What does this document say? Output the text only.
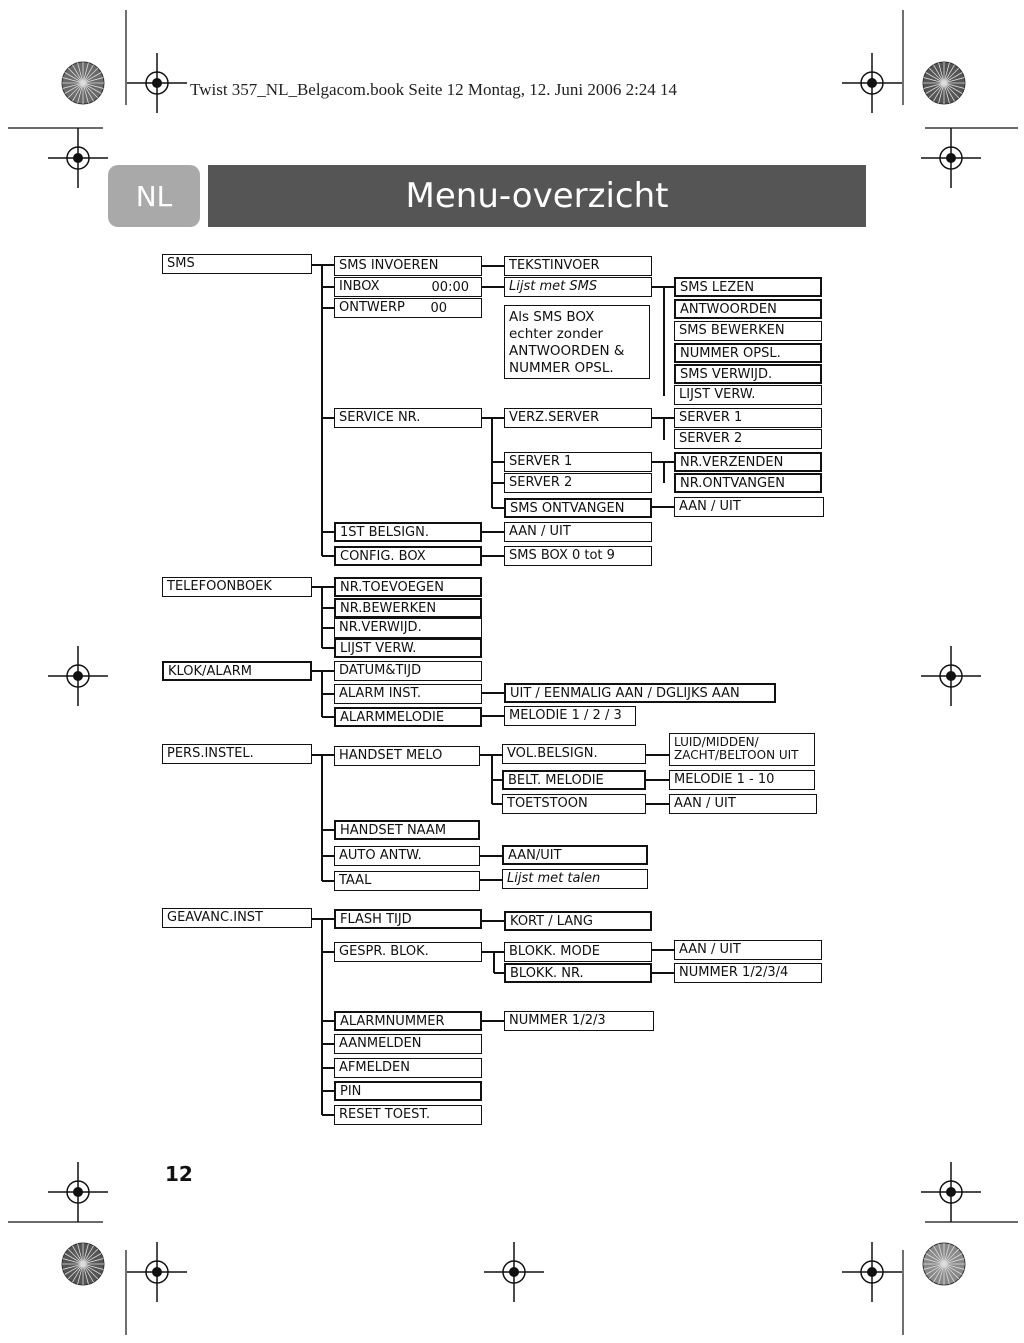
Twist 357_NL_Belgacom.book Seite 12 Montag, 12. Juni 2006 2:24 14
NL	Menu-overzicht
SMS	SMS INVOEREN	TEKSTINVOER
INBOX	00:00	Lijst met SMS
ONTWERP 00
Als SMS BOX
echter zonder
ANTWOORDEN &
NUMMER OPSL.
SMS LEZEN
ANTWOORDEN
SMS BEWERKEN
NUMMER OPSL.
SMS VERWIJD.
LIJST VERW.
SERVICE NR.	VERZ.SERVER	SERVER 1
SERVER 2
SERVER 1
SERVER 2
NR.VERZENDEN
NR.ONTVANGEN
SMS ONTVANGEN	AAN / UIT
1ST BELSIGN.	AAN / UIT
CONFIG. BOX	SMS BOX 0 tot 9
TELEFOONBOEK	NR.TOEVOEGEN
NR.BEWERKEN
NR.VERWIJD.
LIJST VERW.
KLOK/ALARM	DATUM&TIJD
ALARM INST.	UIT / EENMALIG AAN / DGLIJKS AAN
ALARMMELODIE	MELODIE 1 / 2 / 3
PERS.INSTEL.	HANDSET MELO	VOL.BELSIGN.
LUID/MIDDEN/
ZACHT/BELTOON UIT
BELT. MELODIE	MELODIE 1 - 10
TOETSTOON	AAN / UIT
HANDSET NAAM
AUTO ANTW.	AAN/UIT
TAAL	Lijst met talen
GEAVANC.INST	FLASH TIJD	KORT / LANG
GESPR. BLOK.	BLOKK. MODE	AAN / UIT
BLOKK. NR.	NUMMER 1/2/3/4
ALARMNUMMER	NUMMER 1/2/3
AANMELDEN
AFMELDEN
PIN
RESET TOEST.
12
